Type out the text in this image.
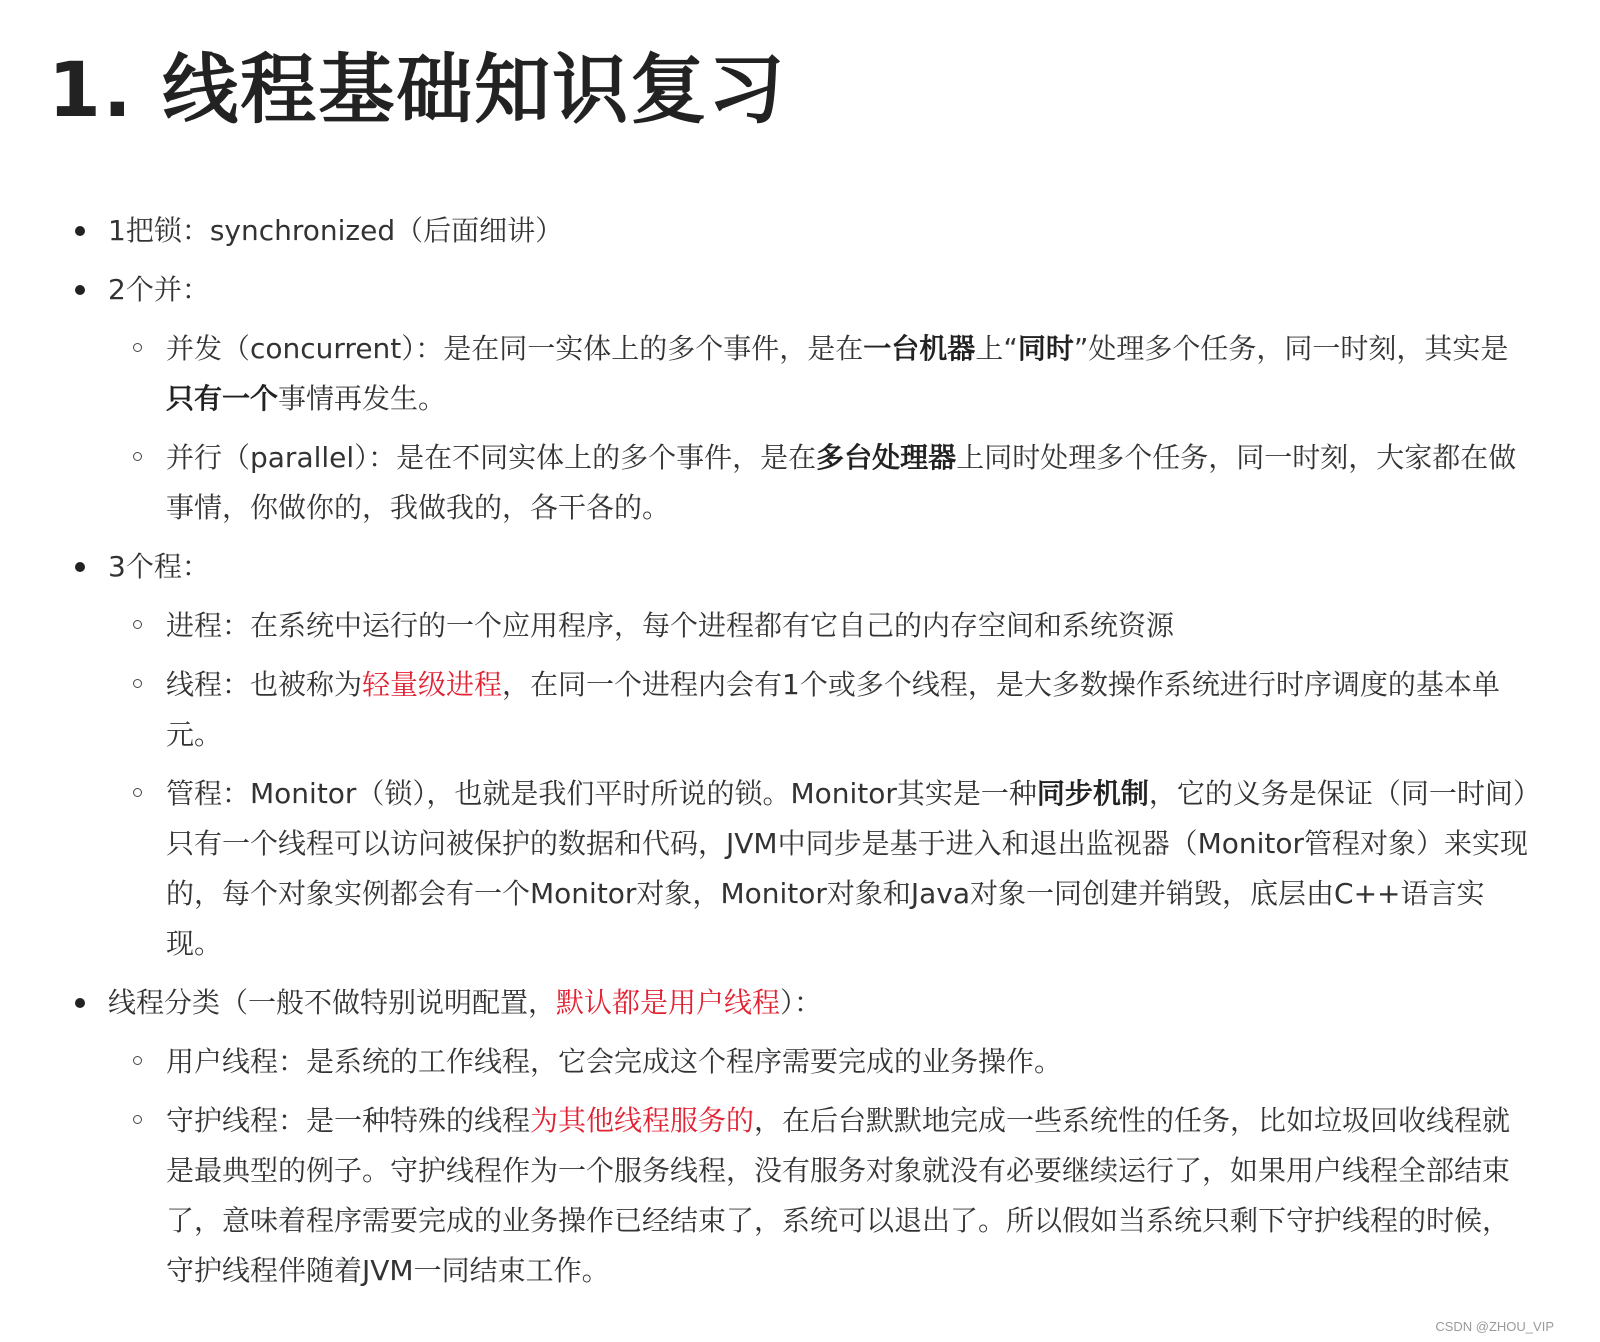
1. 线程基础知识复习
1把锁：synchronized（后面细讲）
2个并：
并发（concurrent）：是在同一实体上的多个事件，是在一台机器上“同时”处理多个任务，同一时刻，其实是只有一个事情再发生。
并行（parallel）：是在不同实体上的多个事件，是在多台处理器上同时处理多个任务，同一时刻，大家都在做事情，你做你的，我做我的，各干各的。
3个程：
进程：在系统中运行的一个应用程序，每个进程都有它自己的内存空间和系统资源
线程：也被称为轻量级进程，在同一个进程内会有1个或多个线程，是大多数操作系统进行时序调度的基本单元。
管程：Monitor（锁），也就是我们平时所说的锁。Monitor其实是一种同步机制，它的义务是保证（同一时间）只有一个线程可以访问被保护的数据和代码，JVM中同步是基于进入和退出监视器（Monitor管程对象）来实现的，每个对象实例都会有一个Monitor对象，Monitor对象和Java对象一同创建并销毁，底层由C++语言实现。
线程分类（一般不做特别说明配置，默认都是用户线程）：
用户线程：是系统的工作线程，它会完成这个程序需要完成的业务操作。
守护线程：是一种特殊的线程为其他线程服务的，在后台默默地完成一些系统性的任务，比如垃圾回收线程就是最典型的例子。守护线程作为一个服务线程，没有服务对象就没有必要继续运行了，如果用户线程全部结束了，意味着程序需要完成的业务操作已经结束了，系统可以退出了。所以假如当系统只剩下守护线程的时候，守护线程伴随着JVM一同结束工作。
CSDN @ZHOU_VIP
